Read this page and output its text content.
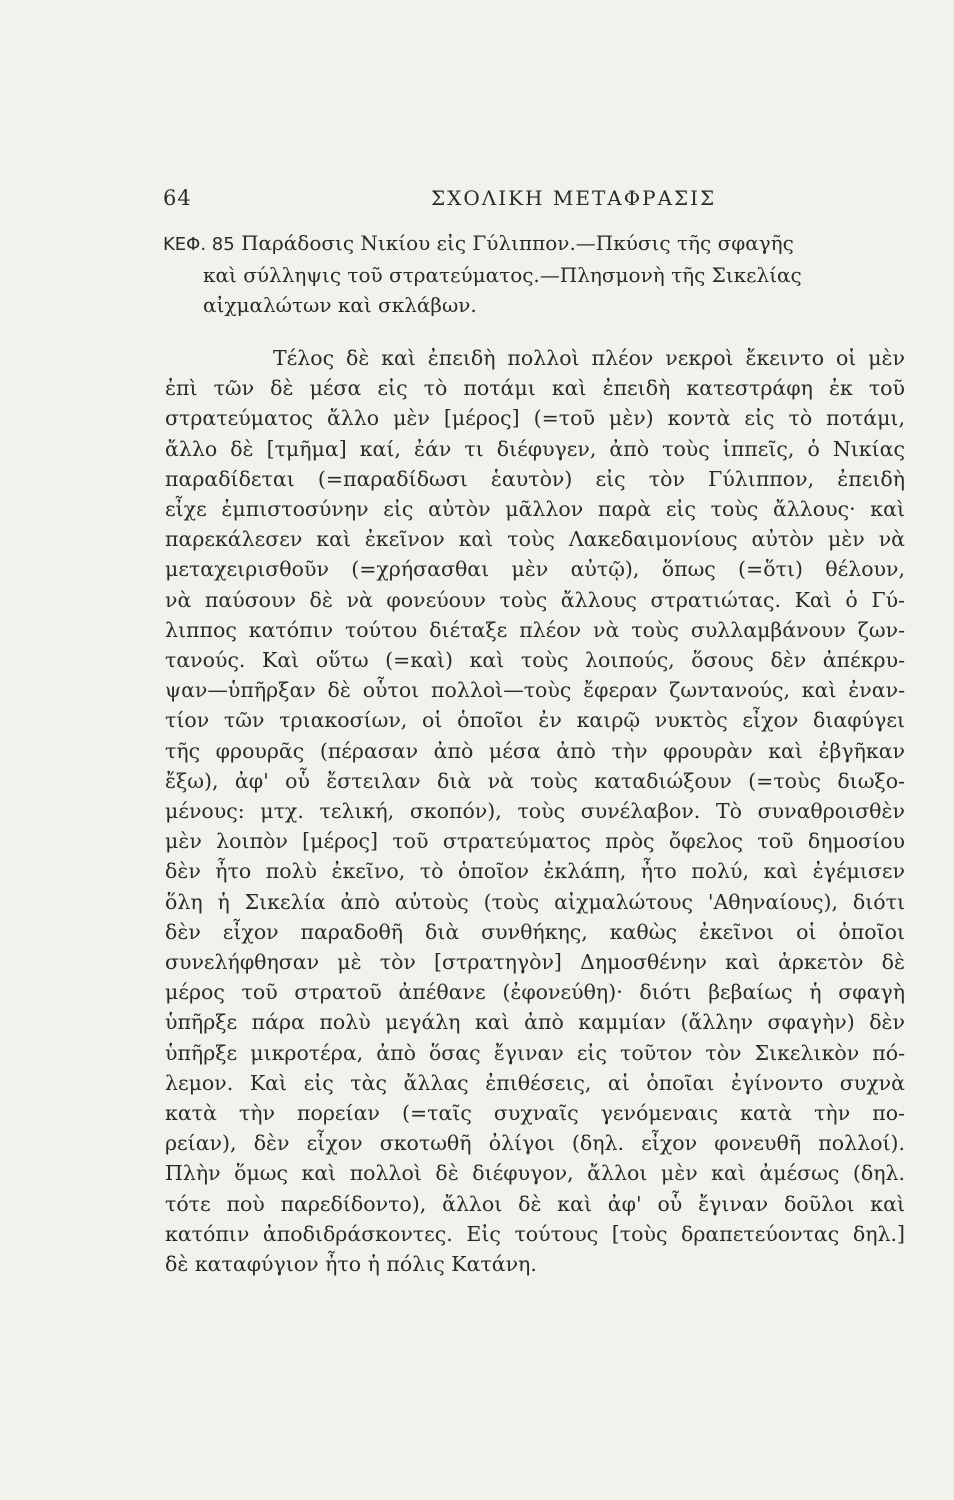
64	ΣΧΟΛΙΚΗ ΜΕΤΑΦΡΑΣΙΣ
ΚΕΦ. 85 Παράδοσις Νικίου εἰς Γύλιππον.—Πκύσις τῆς σφαγῆς
καὶ σύλληψις τοῦ στρατεύματος.—Πλησμονὴ τῆς Σικελίας
αἰχμαλώτων καὶ σκλάβων.
Τέλος δὲ καὶ ἐπειδὴ πολλοὶ πλέον νεκροὶ ἔκειντο οἱ μὲν
ἐπὶ τῶν δὲ μέσα εἰς τὸ ποτάμι καὶ ἐπειδὴ κατεστράφη ἐκ τοῦ
στρατεύματος ἄλλο μὲν [μέρος] (=τοῦ μὲν) κοντὰ εἰς τὸ ποτάμι,
ἄλλο δὲ [τμῆμα] καί, ἐάν τι διέφυγεν, ἀπὸ τοὺς ἱππεῖς, ὁ Νικίας
παραδίδεται (=παραδίδωσι ἑαυτὸν) εἰς τὸν Γύλιππον, ἐπειδὴ
εἶχε ἐμπιστοσύνην εἰς αὐτὸν μᾶλλον παρὰ εἰς τοὺς ἄλλους· καὶ
παρεκάλεσεν καὶ ἐκεῖνον καὶ τοὺς Λακεδαιμονίους αὐτὸν μὲν νὰ
μεταχειρισθοῦν (=χρήσασθαι μὲν αὐτῷ), ὅπως (=ὅτι) θέλουν,
νὰ παύσουν δὲ νὰ φονεύουν τοὺς ἄλλους στρατιώτας. Καὶ ὁ Γύ-
λιππος κατόπιν τούτου διέταξε πλέον νὰ τοὺς συλλαμβάνουν ζων-
τανούς. Καὶ οὕτω (=καὶ) καὶ τοὺς λοιπούς, ὅσους δὲν ἀπέκρυ-
ψαν—ὑπῆρξαν δὲ οὗτοι πολλοὶ—τοὺς ἔφεραν ζωντανούς, καὶ ἐναν-
τίον τῶν τριακοσίων, οἱ ὁποῖοι ἐν καιρῷ νυκτὸς εἶχον διαφύγει
τῆς φρουρᾶς (πέρασαν ἀπὸ μέσα ἀπὸ τὴν φρουρὰν καὶ ἐβγῆκαν
ἔξω), ἀφ' οὗ ἔστειλαν διὰ νὰ τοὺς καταδιώξουν (=τοὺς διωξο-
μένους: μτχ. τελική, σκοπόν), τοὺς συνέλαβον. Τὸ συναθροισθὲν
μὲν λοιπὸν [μέρος] τοῦ στρατεύματος πρὸς ὄφελος τοῦ δημοσίου
δὲν ἦτο πολὺ ἐκεῖνο, τὸ ὁποῖον ἐκλάπη, ἦτο πολύ, καὶ ἐγέμισεν
ὅλη ἡ Σικελία ἀπὸ αὐτοὺς (τοὺς αἰχμαλώτους 'Αθηναίους), διότι
δὲν εἶχον παραδοθῆ διὰ συνθήκης, καθὼς ἐκεῖνοι οἱ ὁποῖοι
συνελήφθησαν μὲ τὸν [στρατηγὸν] Δημοσθένην καὶ ἀρκετὸν δὲ
μέρος τοῦ στρατοῦ ἀπέθανε (ἐφονεύθη)· διότι βεβαίως ἡ σφαγὴ
ὑπῆρξε πάρα πολὺ μεγάλη καὶ ἀπὸ καμμίαν (ἄλλην σφαγὴν) δὲν
ὑπῆρξε μικροτέρα, ἀπὸ ὅσας ἔγιναν εἰς τοῦτον τὸν Σικελικὸν πό-
λεμον. Καὶ εἰς τὰς ἄλλας ἐπιθέσεις, αἱ ὁποῖαι ἐγίνοντο συχνὰ
κατὰ τὴν πορείαν (=ταῖς συχναῖς γενόμεναις κατὰ τὴν πο-
ρείαν), δὲν εἶχον σκοτωθῆ ὀλίγοι (δηλ. εἶχον φονευθῆ πολλοί).
Πλὴν ὅμως καὶ πολλοὶ δὲ διέφυγον, ἄλλοι μὲν καὶ ἀμέσως (δηλ.
τότε ποὺ παρεδίδοντο), ἄλλοι δὲ καὶ ἀφ' οὗ ἔγιναν δοῦλοι καὶ
κατόπιν ἀποδιδράσκοντες. Εἰς τούτους [τοὺς δραπετεύοντας δηλ.]
δὲ καταφύγιον ἦτο ἡ πόλις Κατάνη.
